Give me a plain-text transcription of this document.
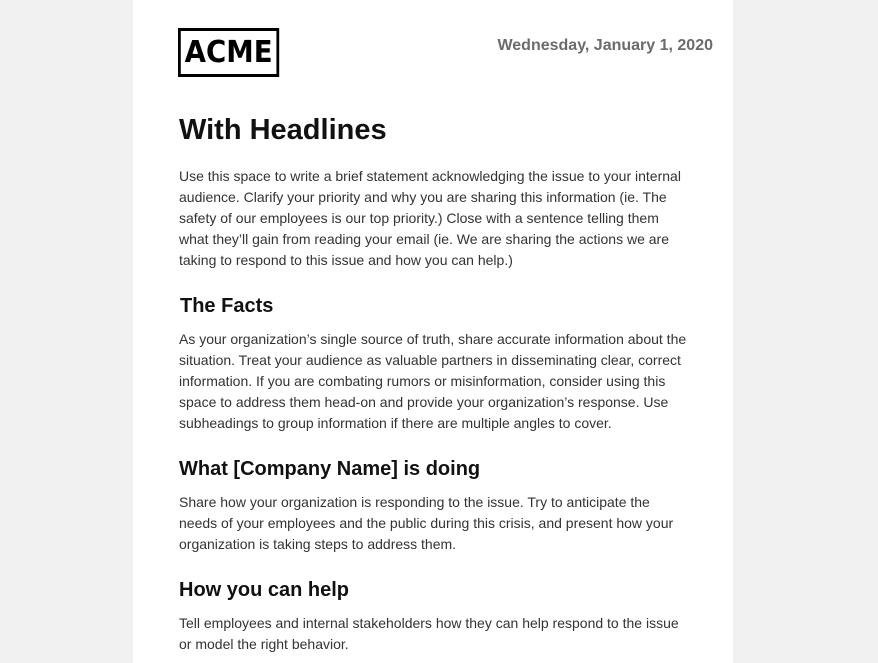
ACME	Wednesday, January 1, 2020
With Headlines

Use this space to write a brief statement acknowledging the issue to your internal audience. Clarify your priority and why you are sharing this information (ie. The safety of our employees is our top priority.) Close with a sentence telling them what they’ll gain from reading your email (ie. We are sharing the actions we are taking to respond to this issue and how you can help.)

The Facts

As your organization’s single source of truth, share accurate information about the situation. Treat your audience as valuable partners in disseminating clear, correct information. If you are combating rumors or misinformation, consider using this space to address them head-on and provide your organization’s response. Use subheadings to group information if there are multiple angles to cover.

What [Company Name] is doing

Share how your organization is responding to the issue. Try to anticipate the needs of your employees and the public during this crisis, and present how your organization is taking steps to address them.

How you can help

Tell employees and internal stakeholders how they can help respond to the issue or model the right behavior.
